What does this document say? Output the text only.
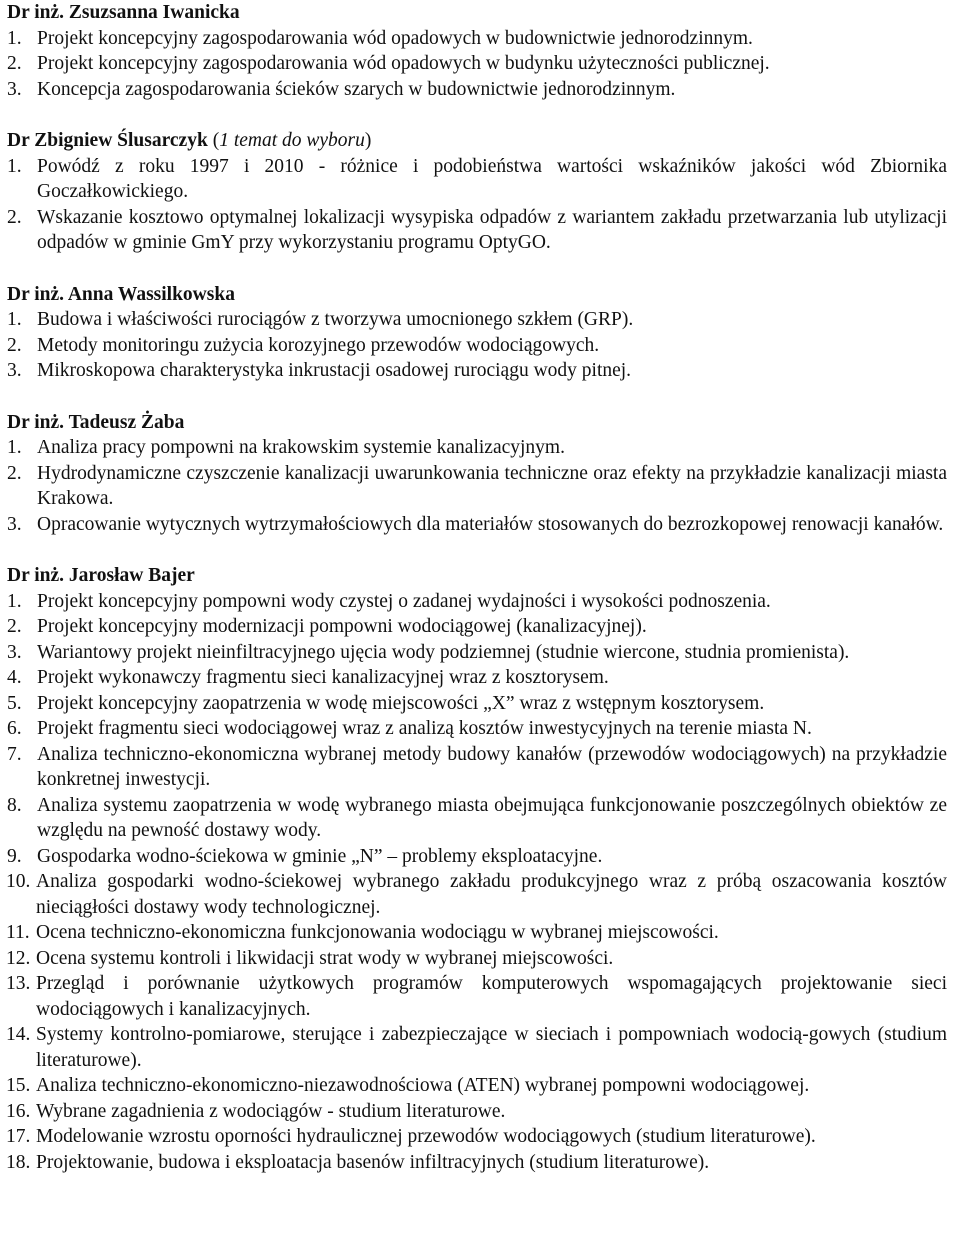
Dr inż. Zsuzsanna Iwanicka
1. Projekt koncepcyjny zagospodarowania wód opadowych w budownictwie jednorodzinnym.
2. Projekt koncepcyjny zagospodarowania wód opadowych w budynku użyteczności publicznej.
3. Koncepcja zagospodarowania ścieków szarych w budownictwie jednorodzinnym.
Dr Zbigniew Ślusarczyk (1 temat do wyboru)
1. Powódź z roku 1997 i 2010 - różnice i podobieństwa wartości wskaźników jakości wód Zbiornika Goczałkowickiego.
2. Wskazanie kosztowo optymalnej lokalizacji wysypiska odpadów z wariantem zakładu przetwarzania lub utylizacji odpadów w gminie GmY przy wykorzystaniu programu OptyGO.
Dr inż. Anna Wassilkowska
1. Budowa i właściwości rurociągów z tworzywa umocnionego szkłem (GRP).
2. Metody monitoringu zużycia korozyjnego przewodów wodociągowych.
3. Mikroskopowa charakterystyka inkrustacji osadowej rurociągu wody pitnej.
Dr inż. Tadeusz Żaba
1. Analiza pracy pompowni na krakowskim systemie kanalizacyjnym.
2. Hydrodynamiczne czyszczenie kanalizacji uwarunkowania techniczne oraz efekty na przykładzie kanalizacji miasta Krakowa.
3. Opracowanie wytycznych wytrzymałościowych dla materiałów stosowanych do bezrozkopowej renowacji kanałów.
Dr inż. Jarosław Bajer
1. Projekt koncepcyjny pompowni wody czystej o zadanej wydajności i wysokości podnoszenia.
2. Projekt koncepcyjny modernizacji pompowni wodociągowej (kanalizacyjnej).
3. Wariantowy projekt nieinfiltracyjnego ujęcia wody podziemnej (studnie wiercone, studnia promienista).
4. Projekt wykonawczy fragmentu sieci kanalizacyjnej wraz z kosztorysem.
5. Projekt koncepcyjny zaopatrzenia w wodę miejscowości „X” wraz z wstępnym kosztorysem.
6. Projekt fragmentu sieci wodociągowej wraz z analizą kosztów inwestycyjnych na terenie miasta N.
7. Analiza techniczno-ekonomiczna wybranej metody budowy kanałów (przewodów wodociągowych) na przykładzie konkretnej inwestycji.
8. Analiza systemu zaopatrzenia w wodę wybranego miasta obejmująca funkcjonowanie poszczególnych obiektów ze względu na pewność dostawy wody.
9. Gospodarka wodno-ściekowa w gminie „N” – problemy eksploatacyjne.
10. Analiza gospodarki wodno-ściekowej wybranego zakładu produkcyjnego wraz z próbą oszacowania kosztów nieciągłości dostawy wody technologicznej.
11. Ocena techniczno-ekonomiczna funkcjonowania wodociągu w wybranej miejscowości.
12. Ocena systemu kontroli i likwidacji strat wody w wybranej miejscowości.
13. Przegląd i porównanie użytkowych programów komputerowych wspomagających projektowanie sieci wodociągowych i kanalizacyjnych.
14. Systemy kontrolno-pomiarowe, sterujące i zabezpieczające w sieciach i pompowniach wodocią-gowych (studium literaturowe).
15. Analiza techniczno-ekonomiczno-niezawodnościowa (ATEN) wybranej pompowni wodociągowej.
16. Wybrane zagadnienia z wodociągów - studium literaturowe.
17. Modelowanie wzrostu oporności hydraulicznej przewodów wodociągowych (studium literaturowe).
18. Projektowanie, budowa i eksploatacja basenów infiltracyjnych (studium literaturowe).
